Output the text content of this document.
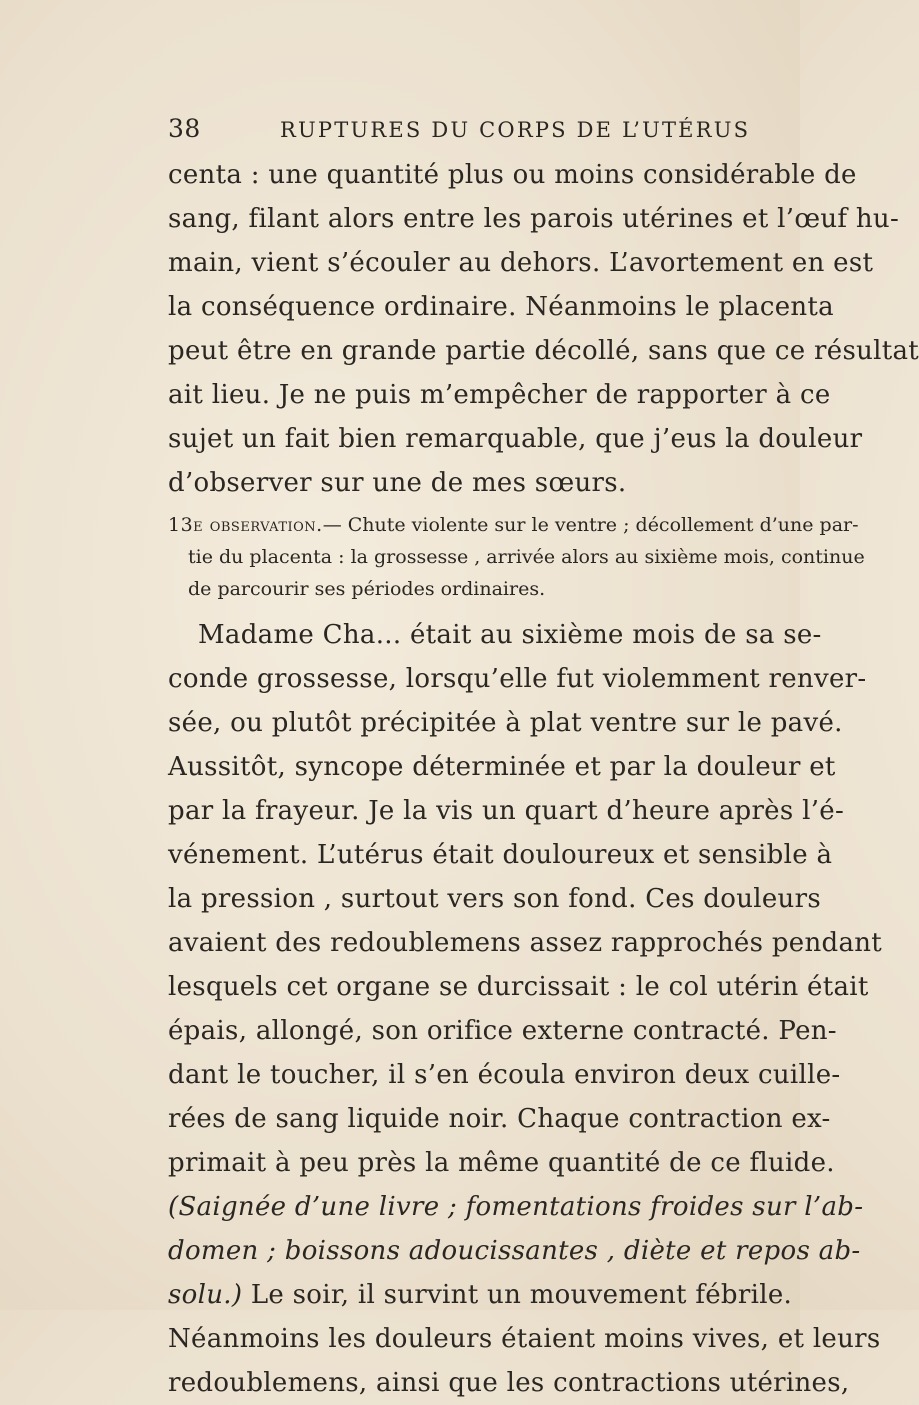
38	RUPTURES DU CORPS DE L’UTÉRUS
centa : une quantité plus ou moins considérable de
sang, filant alors entre les parois utérines et l’œuf hu-
main, vient s’écouler au dehors. L’avortement en est
la conséquence ordinaire. Néanmoins le placenta
peut être en grande partie décollé, sans que ce résultat
ait lieu. Je ne puis m’empêcher de rapporter à ce
sujet un fait bien remarquable, que j’eus la douleur
d’observer sur une de mes sœurs.
13e observation.— Chute violente sur le ventre ; décollement d’une par-
tie du placenta : la grossesse , arrivée alors au sixième mois, continue
de parcourir ses périodes ordinaires.
Madame Cha... était au sixième mois de sa se-
conde grossesse, lorsqu’elle fut violemment renver-
sée, ou plutôt précipitée à plat ventre sur le pavé.
Aussitôt, syncope déterminée et par la douleur et
par la frayeur. Je la vis un quart d’heure après l’é-
vénement. L’utérus était douloureux et sensible à
la pression , surtout vers son fond. Ces douleurs
avaient des redoublemens assez rapprochés pendant
lesquels cet organe se durcissait : le col utérin était
épais, allongé, son orifice externe contracté. Pen-
dant le toucher, il s’en écoula environ deux cuille-
rées de sang liquide noir. Chaque contraction ex-
primait à peu près la même quantité de ce fluide.
(Saignée d’une livre ; fomentations froides sur l’ab-
domen ; boissons adoucissantes , diète et repos ab-
solu.) Le soir, il survint un mouvement fébrile.
Néanmoins les douleurs étaient moins vives, et leurs
redoublemens, ainsi que les contractions utérines,
